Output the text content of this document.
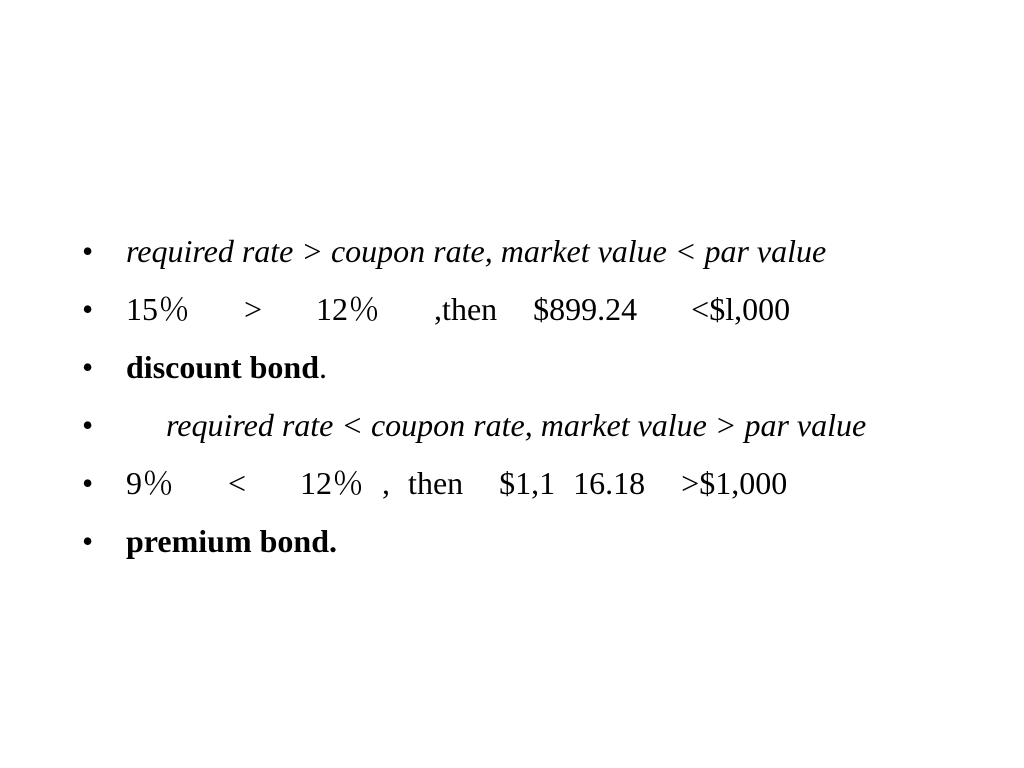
• required rate > coupon rate, market value < par value
• 15％   >   12％   ,then  $899.24   <$l,000
• discount bond.
• required rate < coupon rate, market value > par value
• 9％   <   12％ , then  $1,1 16.18  >$1,000
• premium bond.
